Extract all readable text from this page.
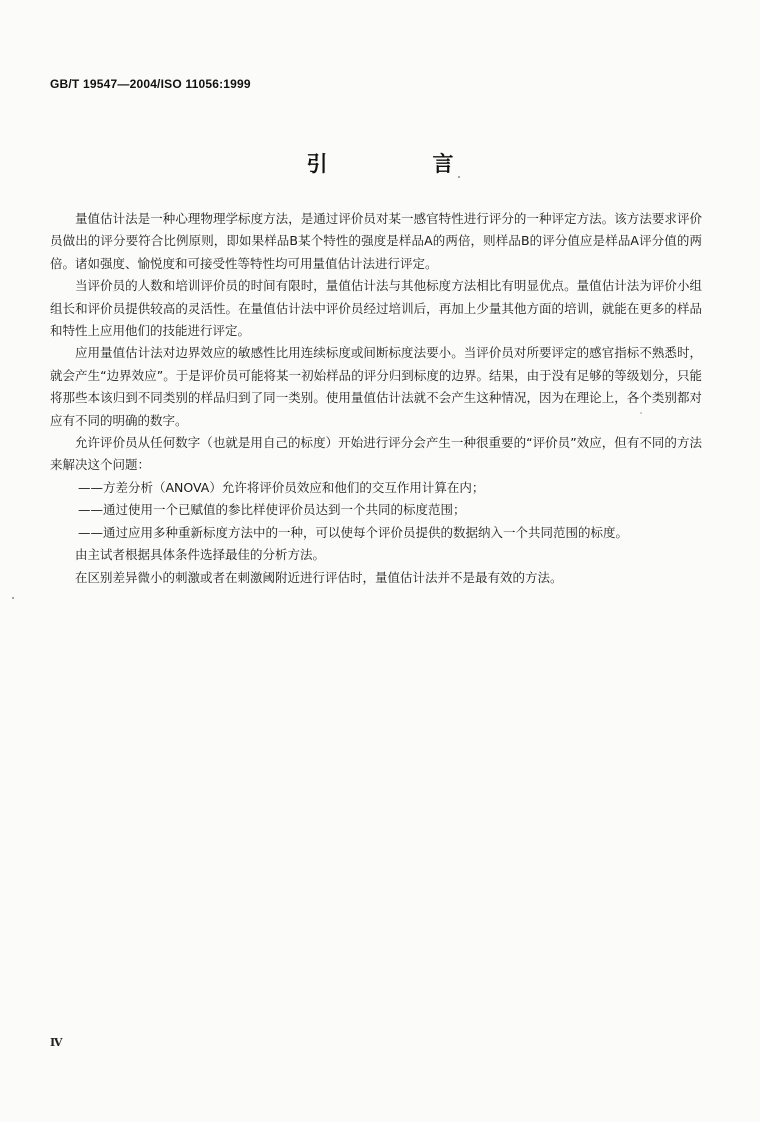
GB/T 19547—2004/ISO 11056:1999
引　言

量值估计法是一种心理物理学标度方法，是通过评价员对某一感官特性进行评分的一种评定方法。该方法要求评价员做出的评分要符合比例原则，即如果样品B某个特性的强度是样品A的两倍，则样品B的评分值应是样品A评分值的两倍。诸如强度、愉悦度和可接受性等特性均可用量值估计法进行评定。

当评价员的人数和培训评价员的时间有限时，量值估计法与其他标度方法相比有明显优点。量值估计法为评价小组组长和评价员提供较高的灵活性。在量值估计法中评价员经过培训后，再加上少量其他方面的培训，就能在更多的样品和特性上应用他们的技能进行评定。

应用量值估计法对边界效应的敏感性比用连续标度或间断标度法要小。当评价员对所要评定的感官指标不熟悉时，就会产生“边界效应”。于是评价员可能将某一初始样品的评分归到标度的边界。结果，由于没有足够的等级划分，只能将那些本该归到不同类别的样品归到了同一类别。使用量值估计法就不会产生这种情况，因为在理论上，各个类别都对应有不同的明确的数字。

允许评价员从任何数字（也就是用自己的标度）开始进行评分会产生一种很重要的“评价员”效应，但有不同的方法来解决这个问题：

——方差分析（ANOVA）允许将评价员效应和他们的交互作用计算在内；

——通过使用一个已赋值的参比样使评价员达到一个共同的标度范围；

——通过应用多种重新标度方法中的一种，可以使每个评价员提供的数据纳入一个共同范围的标度。

由主试者根据具体条件选择最佳的分析方法。

在区别差异微小的刺激或者在刺激阈附近进行评估时，量值估计法并不是最有效的方法。

Ⅳ
